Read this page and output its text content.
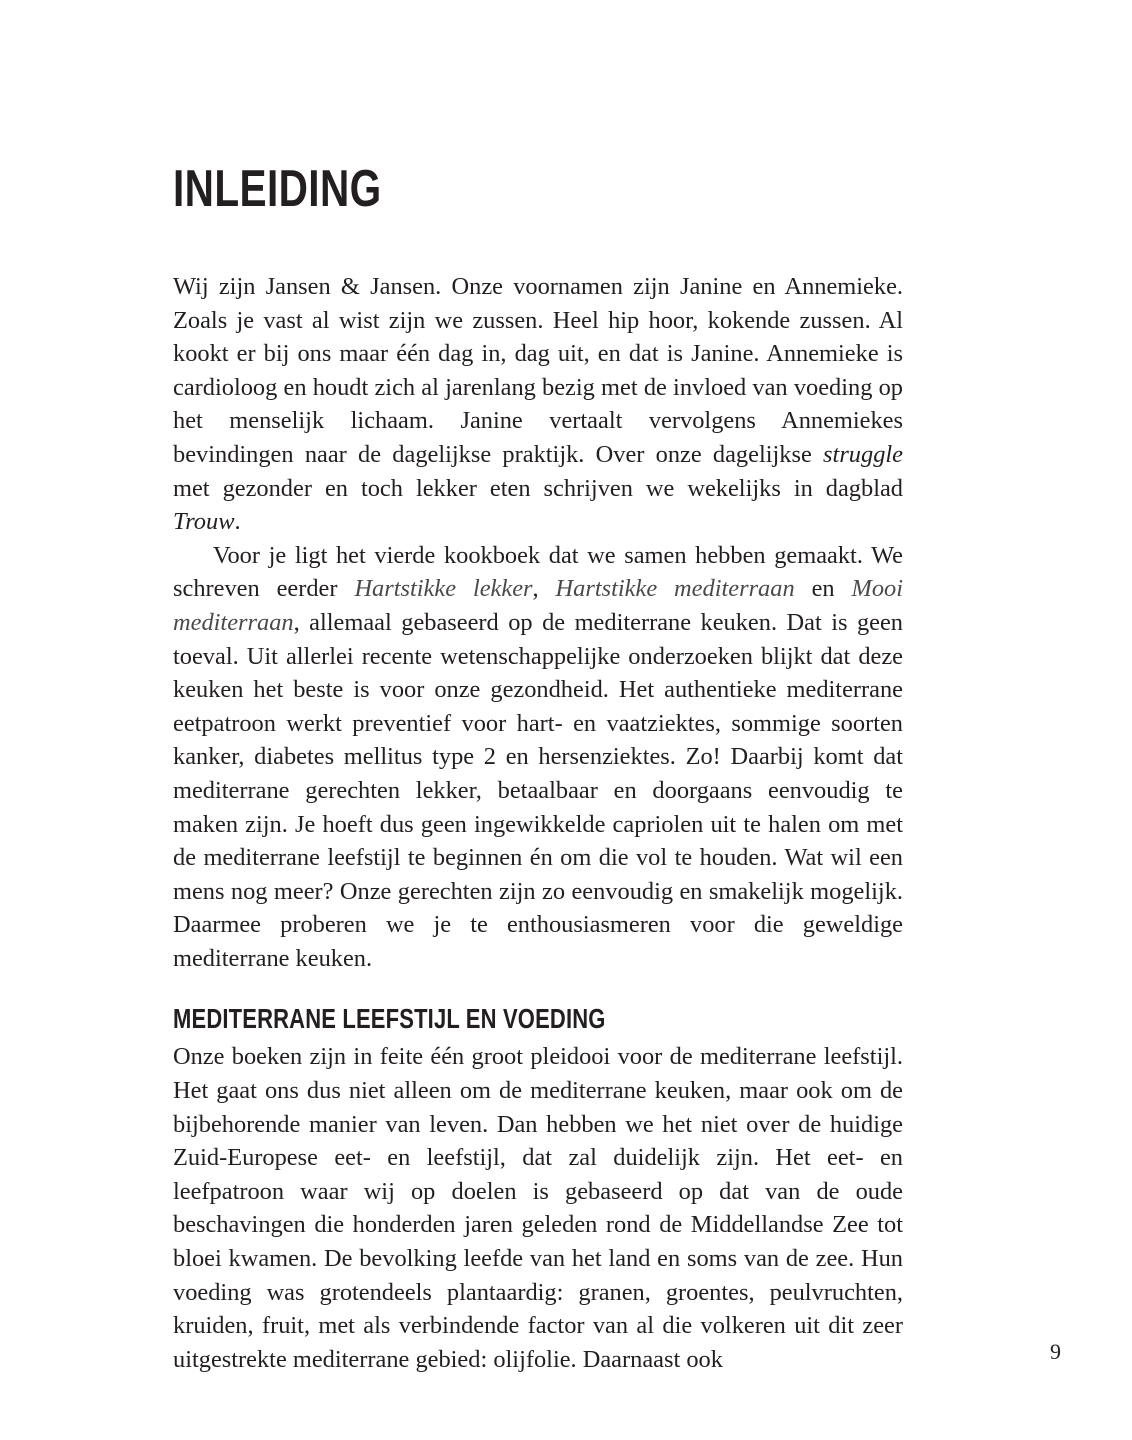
INLEIDING

Wij zijn Jansen & Jansen. Onze voornamen zijn Janine en Annemieke. Zoals je vast al wist zijn we zussen. Heel hip hoor, kokende zussen. Al kookt er bij ons maar één dag in, dag uit, en dat is Janine. Annemieke is cardioloog en houdt zich al jarenlang bezig met de invloed van voeding op het menselijk lichaam. Janine vertaalt vervolgens Annemiekes bevindingen naar de dagelijkse praktijk. Over onze dagelijkse struggle met gezonder en toch lekker eten schrijven we wekelijks in dagblad Trouw.

Voor je ligt het vierde kookboek dat we samen hebben gemaakt. We schreven eerder Hartstikke lekker, Hartstikke mediterraan en Mooi mediterraan, allemaal gebaseerd op de mediterrane keuken. Dat is geen toeval. Uit allerlei recente wetenschappelijke onderzoeken blijkt dat deze keuken het beste is voor onze gezondheid. Het authentieke mediterrane eetpatroon werkt preventief voor hart- en vaatziektes, sommige soorten kanker, diabetes mellitus type 2 en hersenziektes. Zo! Daarbij komt dat mediterrane gerechten lekker, betaalbaar en doorgaans eenvoudig te maken zijn. Je hoeft dus geen ingewikkelde capriolen uit te halen om met de mediterrane leefstijl te beginnen én om die vol te houden. Wat wil een mens nog meer? Onze gerechten zijn zo eenvoudig en smakelijk mogelijk. Daarmee proberen we je te enthousiasmeren voor die geweldige mediterrane keuken.

MEDITERRANE LEEFSTIJL EN VOEDING

Onze boeken zijn in feite één groot pleidooi voor de mediterrane leefstijl. Het gaat ons dus niet alleen om de mediterrane keuken, maar ook om de bijbehorende manier van leven. Dan hebben we het niet over de huidige Zuid-Europese eet- en leefstijl, dat zal duidelijk zijn. Het eet- en leefpatroon waar wij op doelen is gebaseerd op dat van de oude beschavingen die honderden jaren geleden rond de Middellandse Zee tot bloei kwamen. De bevolking leefde van het land en soms van de zee. Hun voeding was grotendeels plantaardig: granen, groentes, peulvruchten, kruiden, fruit, met als verbindende factor van al die volkeren uit dit zeer uitgestrekte mediterrane gebied: olijfolie. Daarnaast ook	9
